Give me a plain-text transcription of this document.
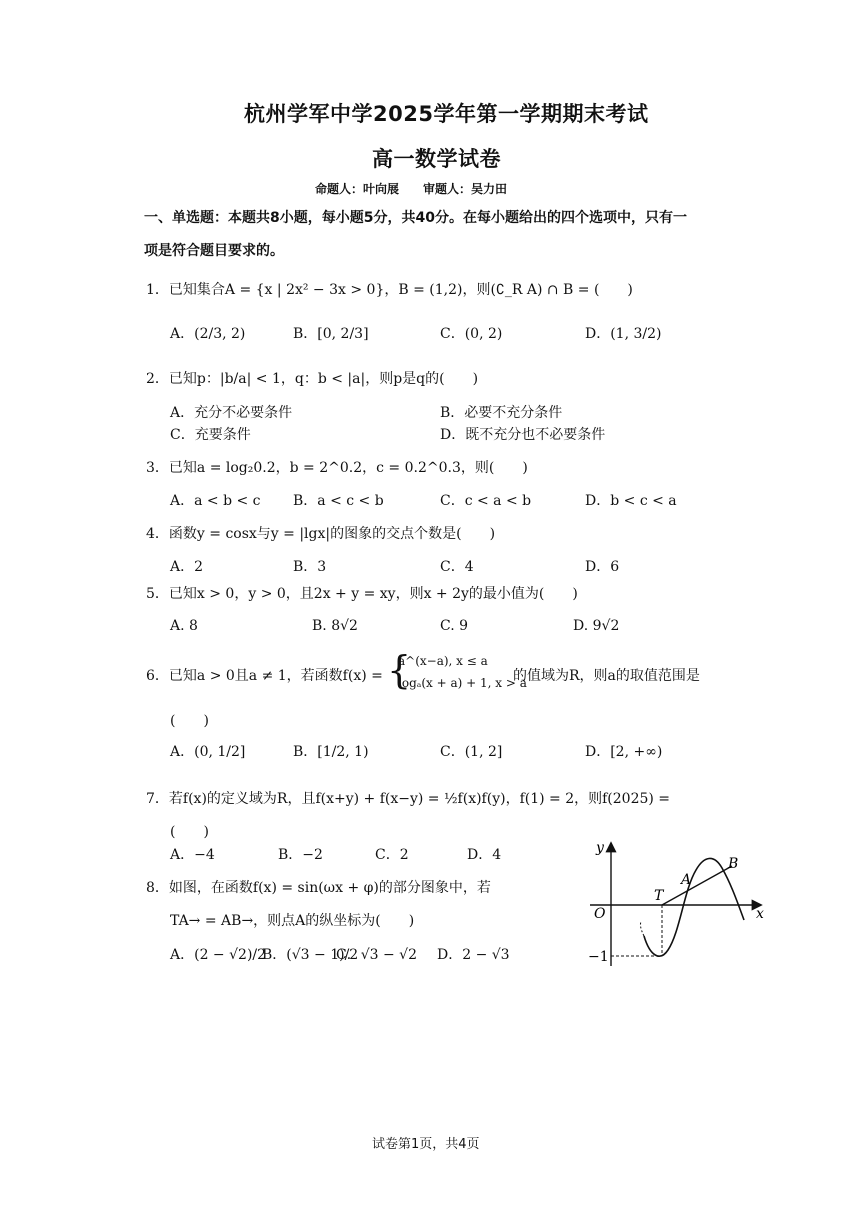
杭州学军中学2025学年第一学期期末考试
高一数学试卷
命题人：叶向展　　审题人：吴力田
一、单选题：本题共8小题，每小题5分，共40分。在每小题给出的四个选项中，只有一
项是符合题目要求的。
1．已知集合A = {x | 2x² − 3x > 0}，B = (1,2)，则(∁_R A) ∩ B = (　　)
A．(2/3, 2)	B．[0, 2/3]	C．(0, 2)	D．(1, 3/2)
2．已知p：|b/a| < 1，q：b < |a|，则p是q的(　　)
A．充分不必要条件	B．必要不充分条件
C．充要条件	D．既不充分也不必要条件
3．已知a = log₂0.2，b = 2^0.2，c = 0.2^0.3，则(　　)
A．a < b < c B．a < c < b	C．c < a < b	D．b < c < a
4．函数y = cosx与y = |lgx|的图象的交点个数是(　　)
A．2	B．3	C．4	D．6
5．已知x > 0，y > 0，且2x + y = xy，则x + 2y的最小值为(　　)
A. 8	B. 8√2	C. 9	D. 9√2
6．已知a > 0且a ≠ 1，若函数f(x) = {
a^(x−a), x ≤ a
logₐ(x + a) + 1, x > a
的值域为R，则a的取值范围是
(　　)
A．(0, 1/2]	B．[1/2, 1)	C．(1, 2]	D．[2, +∞)
7．若f(x)的定义域为R，且f(x+y) + f(x−y) = ½f(x)f(y)，f(1) = 2，则f(2025) =
(　　)
A．−4	B．−2	C．2	D．4
8．如图，在函数f(x) = sin(ωx + φ)的部分图象中，若
TA→ = AB→，则点A的纵坐标为(　　)
A．(2 − √2)/2
B．(√3 − 1)/2
C．√3 − √2 D．2 − √3
y
x
O
T
A
B
−1
试卷第1页，共4页
